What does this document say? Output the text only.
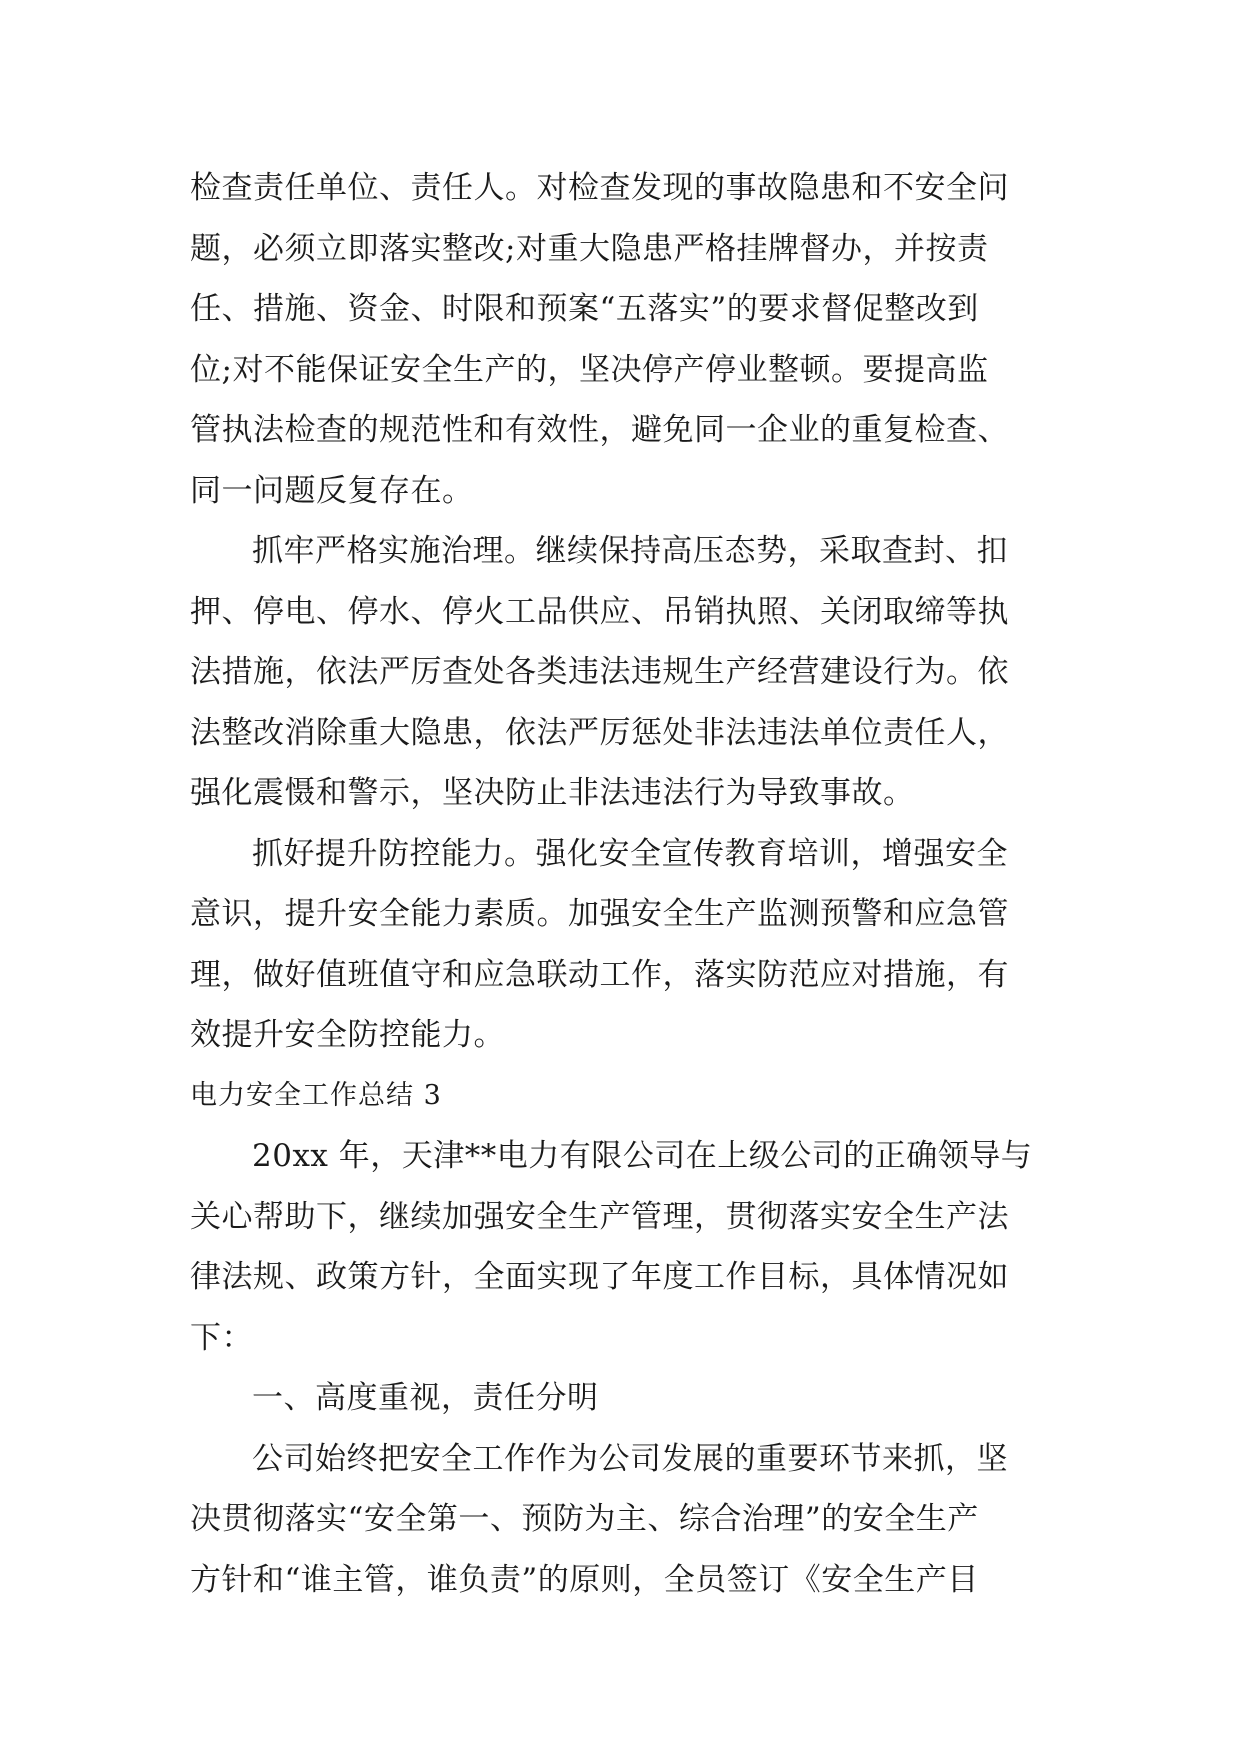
检查责任单位、责任人。对检查发现的事故隐患和不安全问
题，必须立即落实整改;对重大隐患严格挂牌督办，并按责
任、措施、资金、时限和预案“五落实”的要求督促整改到
位;对不能保证安全生产的，坚决停产停业整顿。要提高监
管执法检查的规范性和有效性，避免同一企业的重复检查、
同一问题反复存在。
抓牢严格实施治理。继续保持高压态势，采取查封、扣
押、停电、停水、停火工品供应、吊销执照、关闭取缔等执
法措施，依法严厉查处各类违法违规生产经营建设行为。依
法整改消除重大隐患，依法严厉惩处非法违法单位责任人，
强化震慑和警示，坚决防止非法违法行为导致事故。
抓好提升防控能力。强化安全宣传教育培训，增强安全
意识，提升安全能力素质。加强安全生产监测预警和应急管
理，做好值班值守和应急联动工作，落实防范应对措施，有
效提升安全防控能力。
电力安全工作总结 3
20xx 年，天津**电力有限公司在上级公司的正确领导与
关心帮助下，继续加强安全生产管理，贯彻落实安全生产法
律法规、政策方针，全面实现了年度工作目标，具体情况如
下：
一、高度重视，责任分明
公司始终把安全工作作为公司发展的重要环节来抓，坚
决贯彻落实“安全第一、预防为主、综合治理”的安全生产
方针和“谁主管，谁负责”的原则，全员签订《安全生产目
